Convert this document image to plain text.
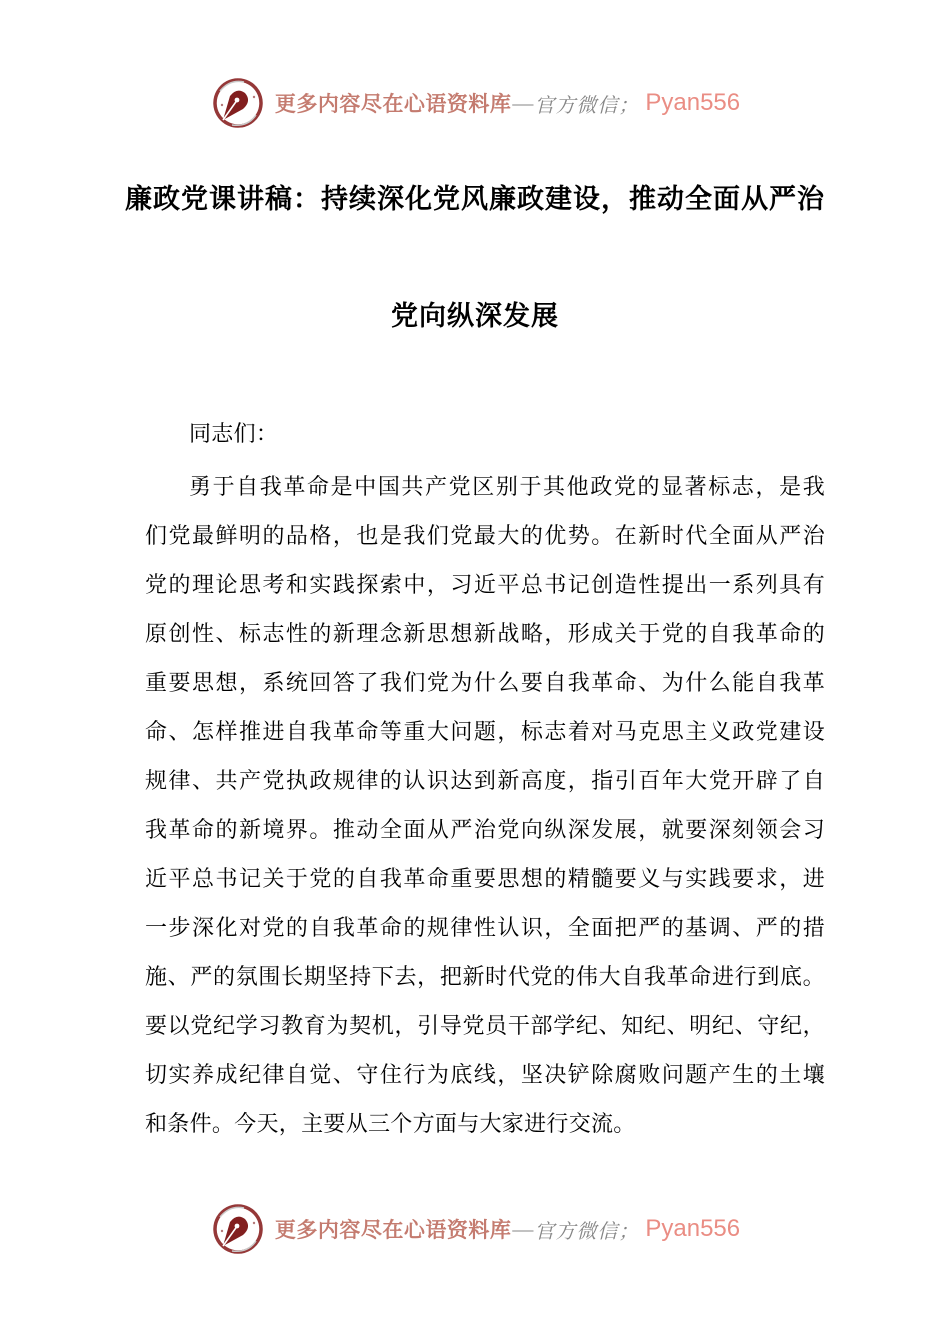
更多内容尽在心语资料库 — 官方微信； Pyan556
廉政党课讲稿：持续深化党风廉政建设，推动全面从严治
党向纵深发展
同志们：
勇于自我革命是中国共产党区别于其他政党的显著标志，是我
们党最鲜明的品格，也是我们党最大的优势。在新时代全面从严治
党的理论思考和实践探索中，习近平总书记创造性提出一系列具有
原创性、标志性的新理念新思想新战略，形成关于党的自我革命的
重要思想，系统回答了我们党为什么要自我革命、为什么能自我革
命、怎样推进自我革命等重大问题，标志着对马克思主义政党建设
规律、共产党执政规律的认识达到新高度，指引百年大党开辟了自
我革命的新境界。推动全面从严治党向纵深发展，就要深刻领会习
近平总书记关于党的自我革命重要思想的精髓要义与实践要求，进
一步深化对党的自我革命的规律性认识，全面把严的基调、严的措
施、严的氛围长期坚持下去，把新时代党的伟大自我革命进行到底。
要以党纪学习教育为契机，引导党员干部学纪、知纪、明纪、守纪，
切实养成纪律自觉、守住行为底线，坚决铲除腐败问题产生的土壤
和条件。今天，主要从三个方面与大家进行交流。
更多内容尽在心语资料库 — 官方微信； Pyan556
